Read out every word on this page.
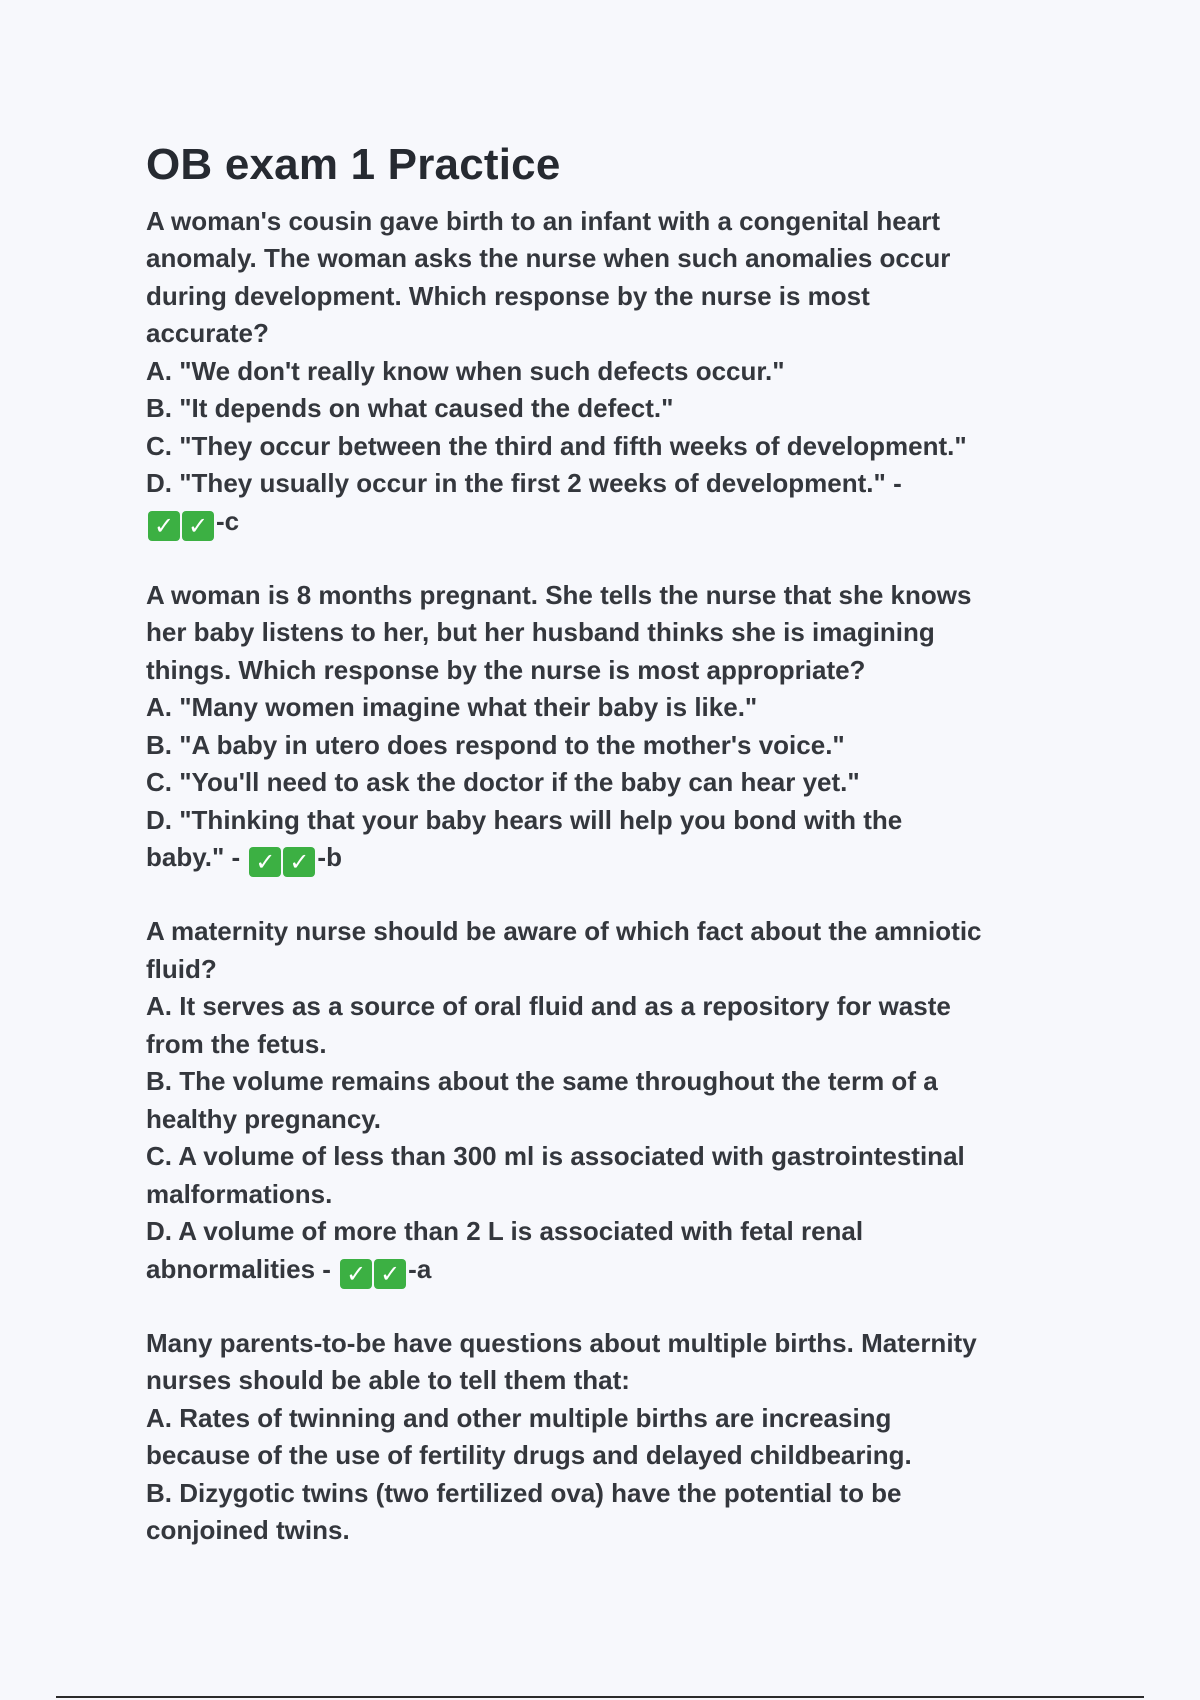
OB exam 1 Practice
A woman's cousin gave birth to an infant with a congenital heart
anomaly. The woman asks the nurse when such anomalies occur
during development. Which response by the nurse is most
accurate?
A. "We don't really know when such defects occur."
B. "It depends on what caused the defect."
C. "They occur between the third and fifth weeks of development."
D. "They usually occur in the first 2 weeks of development." -
✓ ✓ -c
A woman is 8 months pregnant. She tells the nurse that she knows
her baby listens to her, but her husband thinks she is imagining
things. Which response by the nurse is most appropriate?
A. "Many women imagine what their baby is like."
B. "A baby in utero does respond to the mother's voice."
C. "You'll need to ask the doctor if the baby can hear yet."
D. "Thinking that your baby hears will help you bond with the
baby." - ✓ ✓ -b
A maternity nurse should be aware of which fact about the amniotic
fluid?
A. It serves as a source of oral fluid and as a repository for waste
from the fetus.
B. The volume remains about the same throughout the term of a
healthy pregnancy.
C. A volume of less than 300 ml is associated with gastrointestinal
malformations.
D. A volume of more than 2 L is associated with fetal renal
abnormalities - ✓ ✓ -a
Many parents-to-be have questions about multiple births. Maternity
nurses should be able to tell them that:
A. Rates of twinning and other multiple births are increasing
because of the use of fertility drugs and delayed childbearing.
B. Dizygotic twins (two fertilized ova) have the potential to be
conjoined twins.
